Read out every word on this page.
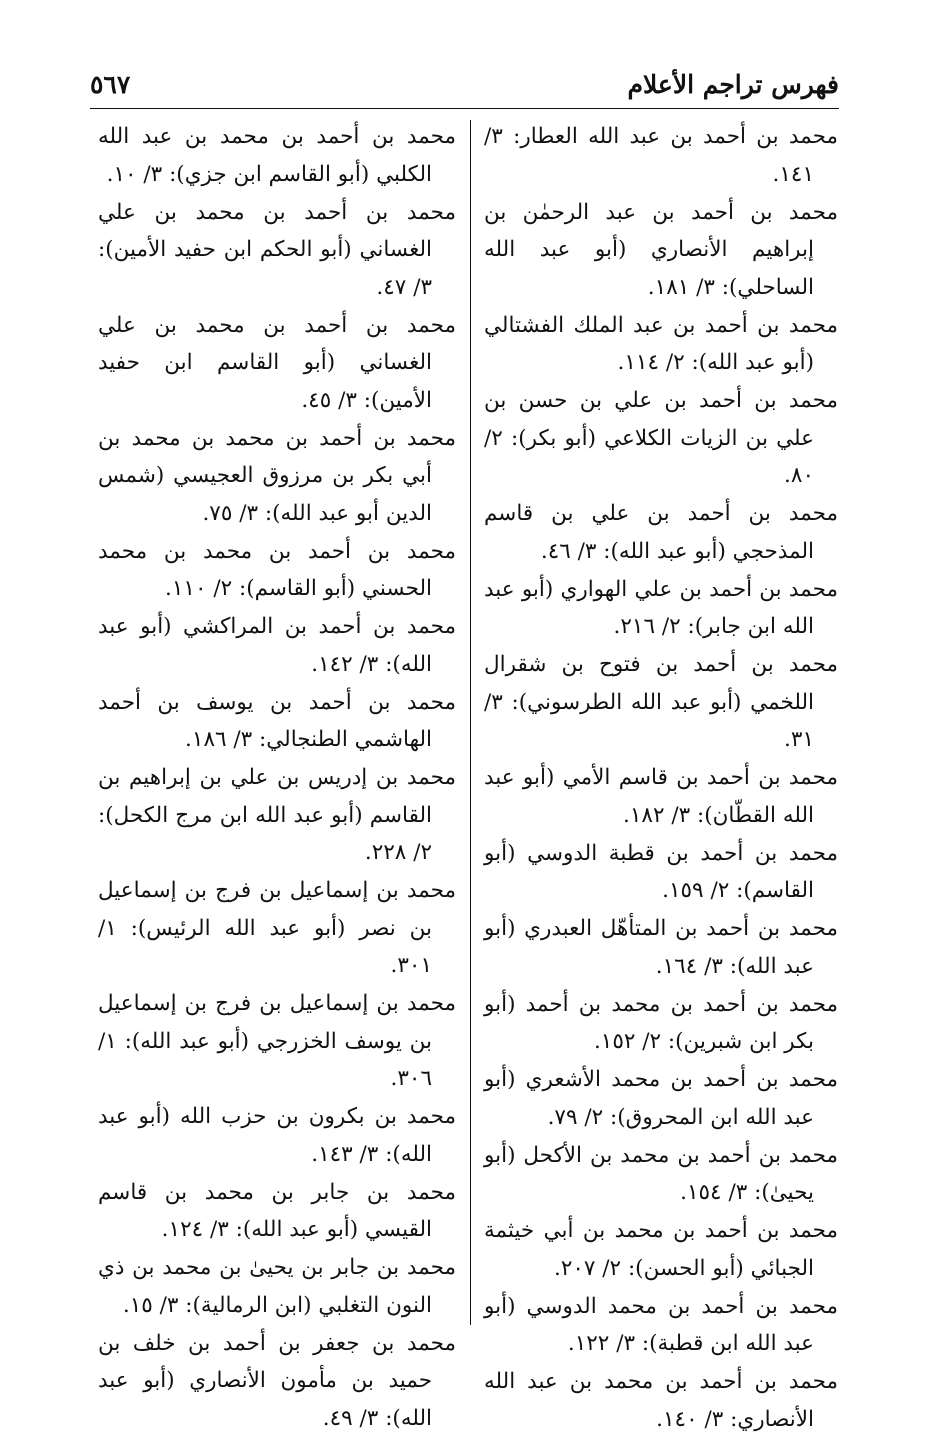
فهرس تراجم الأعلام
٥٦٧
محمد بن أحمد بن عبد الله العطار: ٣/ ١٤١.
محمد بن أحمد بن عبد الرحمٰن بن إبراهيم الأنصاري (أبو عبد الله الساحلي): ٣/ ١٨١.
محمد بن أحمد بن عبد الملك الفشتالي (أبو عبد الله): ٢/ ١١٤.
محمد بن أحمد بن علي بن حسن بن علي بن الزيات الكلاعي (أبو بكر): ٢/ ٨٠.
محمد بن أحمد بن علي بن قاسم المذحجي (أبو عبد الله): ٣/ ٤٦.
محمد بن أحمد بن علي الهواري (أبو عبد الله ابن جابر): ٢/ ٢١٦.
محمد بن أحمد بن فتوح بن شقرال اللخمي (أبو عبد الله الطرسوني): ٣/ ٣١.
محمد بن أحمد بن قاسم الأمي (أبو عبد الله القطّان): ٣/ ١٨٢.
محمد بن أحمد بن قطبة الدوسي (أبو القاسم): ٢/ ١٥٩.
محمد بن أحمد بن المتأهّل العبدري (أبو عبد الله): ٣/ ١٦٤.
محمد بن أحمد بن محمد بن أحمد (أبو بكر ابن شبرين): ٢/ ١٥٢.
محمد بن أحمد بن محمد الأشعري (أبو عبد الله ابن المحروق): ٢/ ٧٩.
محمد بن أحمد بن محمد بن الأكحل (أبو يحيىٰ): ٣/ ١٥٤.
محمد بن أحمد بن محمد بن أبي خيثمة الجبائي (أبو الحسن): ٢/ ٢٠٧.
محمد بن أحمد بن محمد الدوسي (أبو عبد الله ابن قطبة): ٣/ ١٢٢.
محمد بن أحمد بن محمد بن عبد الله الأنصاري: ٣/ ١٤٠.
محمد بن أحمد بن محمد بن عبد الله الكلبي (أبو القاسم ابن جزي): ٣/ ١٠.
محمد بن أحمد بن محمد بن علي الغساني (أبو الحكم ابن حفيد الأمين): ٣/ ٤٧.
محمد بن أحمد بن محمد بن علي الغساني (أبو القاسم ابن حفيد الأمين): ٣/ ٤٥.
محمد بن أحمد بن محمد بن محمد بن أبي بكر بن مرزوق العجيسي (شمس الدين أبو عبد الله): ٣/ ٧٥.
محمد بن أحمد بن محمد بن محمد الحسني (أبو القاسم): ٢/ ١١٠.
محمد بن أحمد بن المراكشي (أبو عبد الله): ٣/ ١٤٢.
محمد بن أحمد بن يوسف بن أحمد الهاشمي الطنجالي: ٣/ ١٨٦.
محمد بن إدريس بن علي بن إبراهيم بن القاسم (أبو عبد الله ابن مرج الكحل): ٢/ ٢٢٨.
محمد بن إسماعيل بن فرج بن إسماعيل بن نصر (أبو عبد الله الرئيس): ١/ ٣٠١.
محمد بن إسماعيل بن فرج بن إسماعيل بن يوسف الخزرجي (أبو عبد الله): ١/ ٣٠٦.
محمد بن بكرون بن حزب الله (أبو عبد الله): ٣/ ١٤٣.
محمد بن جابر بن محمد بن قاسم القيسي (أبو عبد الله): ٣/ ١٢٤.
محمد بن جابر بن يحيىٰ بن محمد بن ذي النون التغلبي (ابن الرمالية): ٣/ ١٥.
محمد بن جعفر بن أحمد بن خلف بن حميد بن مأمون الأنصاري (أبو عبد الله): ٣/ ٤٩.
